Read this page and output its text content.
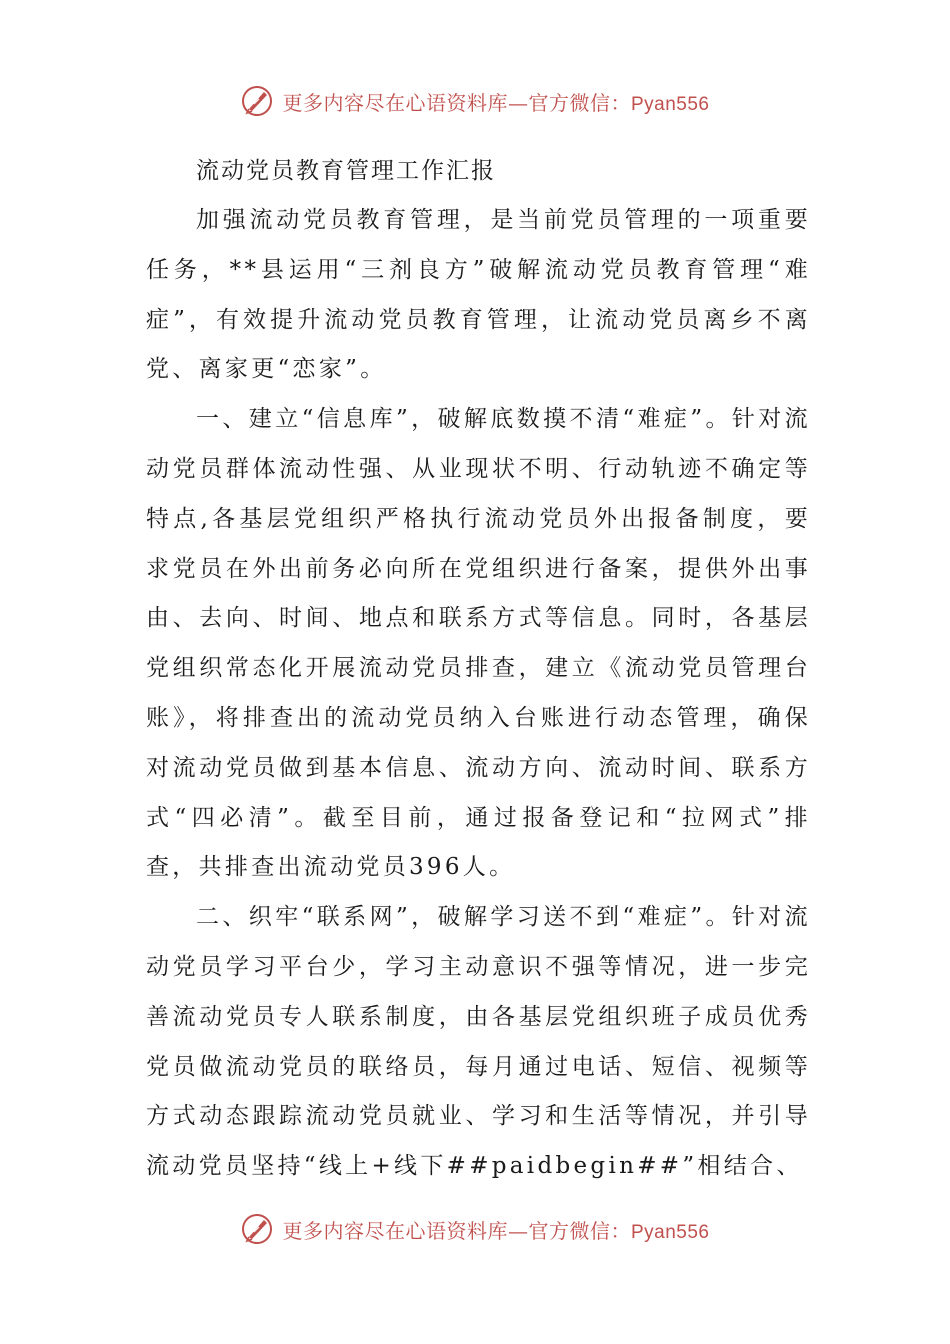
更多内容尽在心语资料库—官方微信：Pyan556
流动党员教育管理工作汇报

加强流动党员教育管理，是当前党员管理的一项重要任务，**县运用“三剂良方”破解流动党员教育管理“难症”，有效提升流动党员教育管理，让流动党员离乡不离党、离家更“恋家”。

一、建立“信息库”，破解底数摸不清“难症”。针对流动党员群体流动性强、从业现状不明、行动轨迹不确定等特点,各基层党组织严格执行流动党员外出报备制度，要求党员在外出前务必向所在党组织进行备案，提供外出事由、去向、时间、地点和联系方式等信息。同时，各基层党组织常态化开展流动党员排查，建立《流动党员管理台账》，将排查出的流动党员纳入台账进行动态管理，确保对流动党员做到基本信息、流动方向、流动时间、联系方式“四必清”。截至目前，通过报备登记和“拉网式”排查，共排查出流动党员396人。

二、织牢“联系网”，破解学习送不到“难症”。针对流动党员学习平台少，学习主动意识不强等情况，进一步完善流动党员专人联系制度，由各基层党组织班子成员优秀党员做流动党员的联络员，每月通过电话、短信、视频等方式动态跟踪流动党员就业、学习和生活等情况，并引导流动党员坚持“线上+线下##paidbegin##”相结合、

更多内容尽在心语资料库—官方微信：Pyan556
